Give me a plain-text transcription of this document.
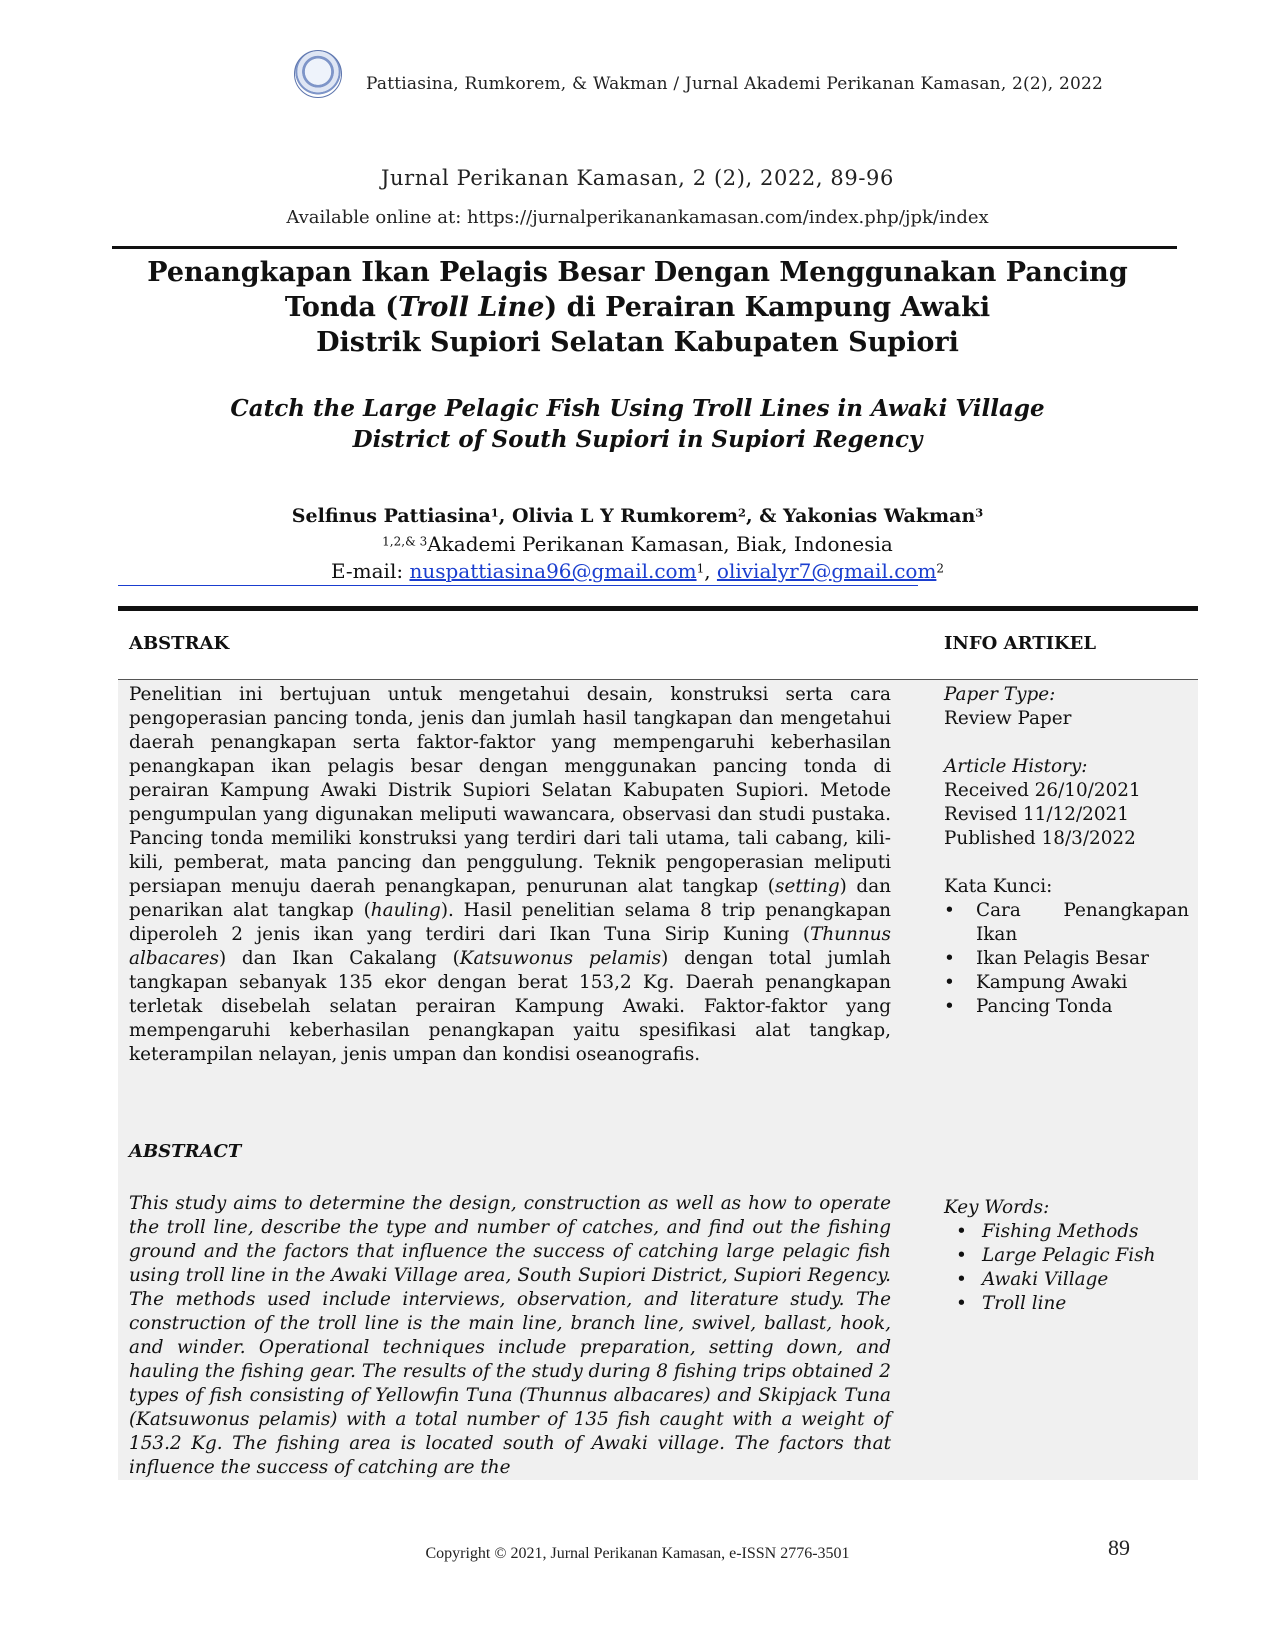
Pattiasina, Rumkorem, & Wakman / Jurnal Akademi Perikanan Kamasan, 2(2), 2022
Jurnal Perikanan Kamasan, 2 (2), 2022, 89-96
Available online at: https://jurnalperikanankamasan.com/index.php/jpk/index
Penangkapan Ikan Pelagis Besar Dengan Menggunakan Pancing
Tonda (Troll Line) di Perairan Kampung Awaki
Distrik Supiori Selatan Kabupaten Supiori
Catch the Large Pelagic Fish Using Troll Lines in Awaki Village
District of South Supiori in Supiori Regency
Selfinus Pattiasina$^1$, Olivia L Y Rumkorem$^2$, & Yakonias Wakman$^3$
$^{1,2,\& 3}$Akademi Perikanan Kamasan, Biak, Indonesia
E-mail: nuspattiasina96@gmail.com$^1$, olivialyr7@gmail.com$^2$
ABSTRAK	INFO ARTIKEL

Penelitian ini bertujuan untuk mengetahui desain, konstruksi serta cara pengoperasian pancing tonda, jenis dan jumlah hasil tangkapan dan mengetahui daerah penangkapan serta faktor-faktor yang mempengaruhi keberhasilan penangkapan ikan pelagis besar dengan menggunakan pancing tonda di perairan Kampung Awaki Distrik Supiori Selatan Kabupaten Supiori. Metode pengumpulan yang digunakan meliputi wawancara, observasi dan studi pustaka. Pancing tonda memiliki konstruksi yang terdiri dari tali utama, tali cabang, kili-kili, pemberat, mata pancing dan penggulung. Teknik pengoperasian meliputi persiapan menuju daerah penangkapan, penurunan alat tangkap (setting) dan penarikan alat tangkap (hauling). Hasil penelitian selama 8 trip penangkapan diperoleh 2 jenis ikan yang terdiri dari Ikan Tuna Sirip Kuning (Thunnus albacares) dan Ikan Cakalang (Katsuwonus pelamis) dengan total jumlah tangkapan sebanyak 135 ekor dengan berat 153,2 Kg. Daerah penangkapan terletak disebelah selatan perairan Kampung Awaki. Faktor-faktor yang mempengaruhi keberhasilan penangkapan yaitu spesifikasi alat tangkap, keterampilan nelayan, jenis umpan dan kondisi oseanografis.

Paper Type:
Review Paper
Article History:
Received 26/10/2021
Revised 11/12/2021
Published 18/3/2022
Kata Kunci:
• Cara Penangkapan Ikan
• Ikan Pelagis Besar
• Kampung Awaki
• Pancing Tonda
ABSTRACT

This study aims to determine the design, construction as well as how to operate the troll line, describe the type and number of catches, and find out the fishing ground and the factors that influence the success of catching large pelagic fish using troll line in the Awaki Village area, South Supiori District, Supiori Regency. The methods used include interviews, observation, and literature study. The construction of the troll line is the main line, branch line, swivel, ballast, hook, and winder. Operational techniques include preparation, setting down, and hauling the fishing gear. The results of the study during 8 fishing trips obtained 2 types of fish consisting of Yellowfin Tuna (Thunnus albacares) and Skipjack Tuna (Katsuwonus pelamis) with a total number of 135 fish caught with a weight of 153.2 Kg. The fishing area is located south of Awaki village. The factors that influence the success of catching are the

Key Words:
• Fishing Methods
• Large Pelagic Fish
• Awaki Village
• Troll line
Copyright © 2021, Jurnal Perikanan Kamasan, e-ISSN 2776-3501	89
